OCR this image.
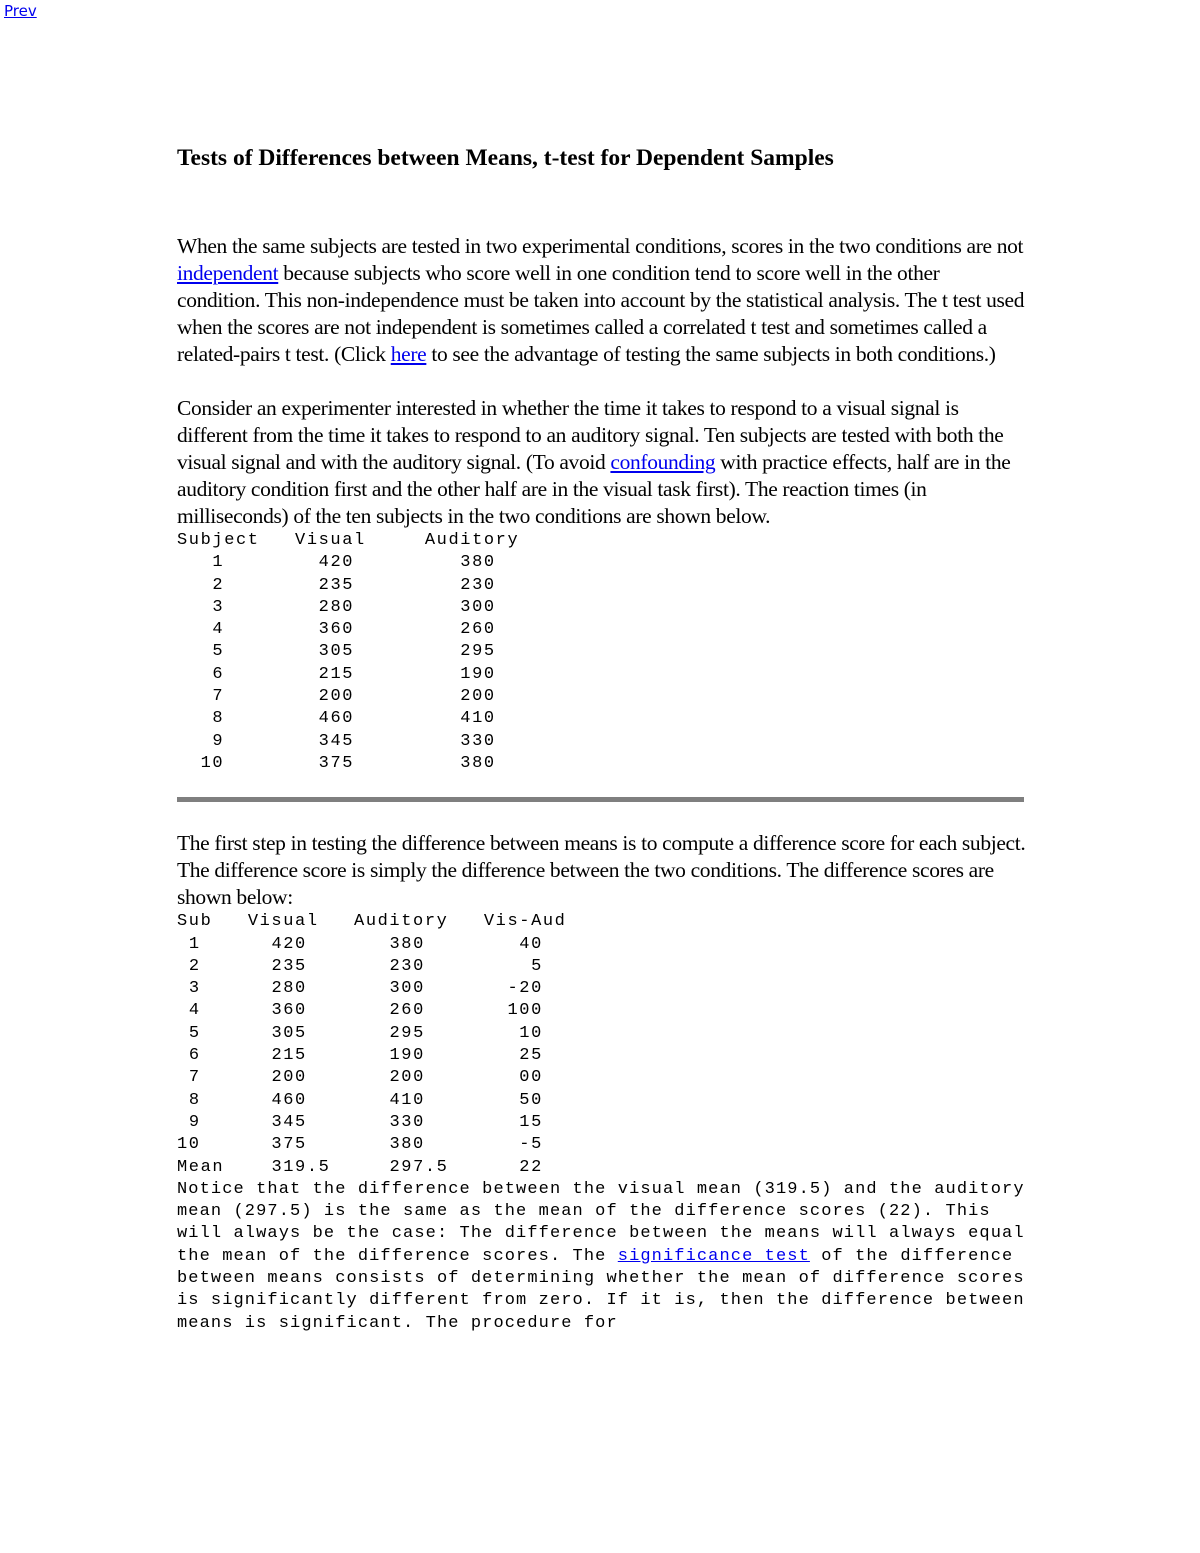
Prev
Tests of Differences between Means, t-test for Dependent Samples

When the same subjects are tested in two experimental conditions, scores in the two conditions are not independent because subjects who score well in one condition tend to score well in the other condition. This non-independence must be taken into account by the statistical analysis. The t test used when the scores are not independent is sometimes called a correlated t test and sometimes called a related-pairs t test. (Click here to see the advantage of testing the same subjects in both conditions.)

Consider an experimenter interested in whether the time it takes to respond to a visual signal is different from the time it takes to respond to an auditory signal. Ten subjects are tested with both the visual signal and with the auditory signal. (To avoid confounding with practice effects, half are in the auditory condition first and the other half are in the visual task first). The reaction times (in milliseconds) of the ten subjects in the two conditions are shown below.

Subject Visual	Auditory
1	420	380
2	235	230
3	280	300
4	360	260
5	305	295
6	215	190
7	200	200
8	460	410
9	345	330
10	375	380

The first step in testing the difference between means is to compute a difference score for each subject. The difference score is simply the difference between the two conditions. The difference scores are shown below:

Sub Visual Auditory Vis-Aud
1	420	380	40
2	235	230	5
3	280	300	-20
4	360	260	100
5	305	295	10
6	215	190	25
7	200	200	00
8	460	410	50
9	345	330	15
10	375	380	-5
Mean	319.5	297.5	22

Notice that the difference between the visual mean (319.5) and the auditory mean (297.5) is the same as the mean of the difference scores (22). This will always be the case: The difference between the means will always equal the mean of the difference scores. The significance test of the difference between means consists of determining whether the mean of difference scores is significantly different from zero. If it is, then the difference between means is significant. The procedure for
